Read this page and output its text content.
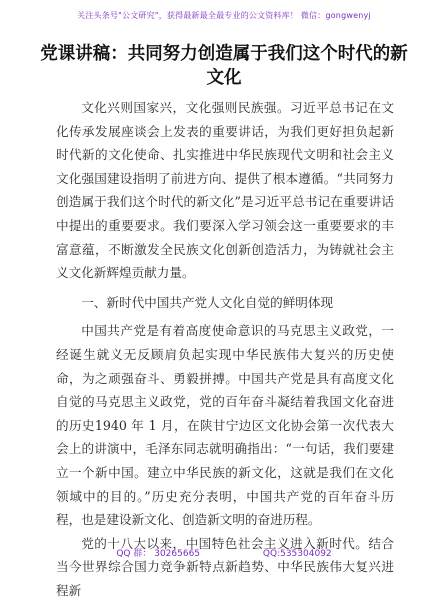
关注头条号"公文研究"，获得最新最全最专业的公文资料库！ 微信：gongwenyj
党课讲稿：共同努力创造属于我们这个时代的新文化

文化兴则国家兴，文化强则民族强。习近平总书记在文化传承发展座谈会上发表的重要讲话，为我们更好担负起新时代新的文化使命、扎实推进中华民族现代文明和社会主义文化强国建设指明了前进方向、提供了根本遵循。“共同努力创造属于我们这个时代的新文化”是习近平总书记在重要讲话中提出的重要要求。我们要深入学习领会这一重要要求的丰富意蕴，不断激发全民族文化创新创造活力，为铸就社会主义文化新辉煌贡献力量。

一、新时代中国共产党人文化自觉的鲜明体现

中国共产党是有着高度使命意识的马克思主义政党，一经诞生就义无反顾肩负起实现中华民族伟大复兴的历史使命，为之顽强奋斗、勇毅拼搏。中国共产党是具有高度文化自觉的马克思主义政党，党的百年奋斗凝结着我国文化奋进的历史1940 年 1 月，在陕甘宁边区文化协会第一次代表大会上的讲演中，毛泽东同志就明确指出：“一句话，我们要建立一个新中国。建立中华民族的新文化，这就是我们在文化领域中的目的。”历史充分表明，中国共产党的百年奋斗历程，也是建设新文化、创造新文明的奋进历程。

党的十八大以来，中国特色社会主义进入新时代。结合当今世界综合国力竞争新特点新趋势、中华民族伟大复兴进程新

QQ 群： 30265665	QQ:535304092
